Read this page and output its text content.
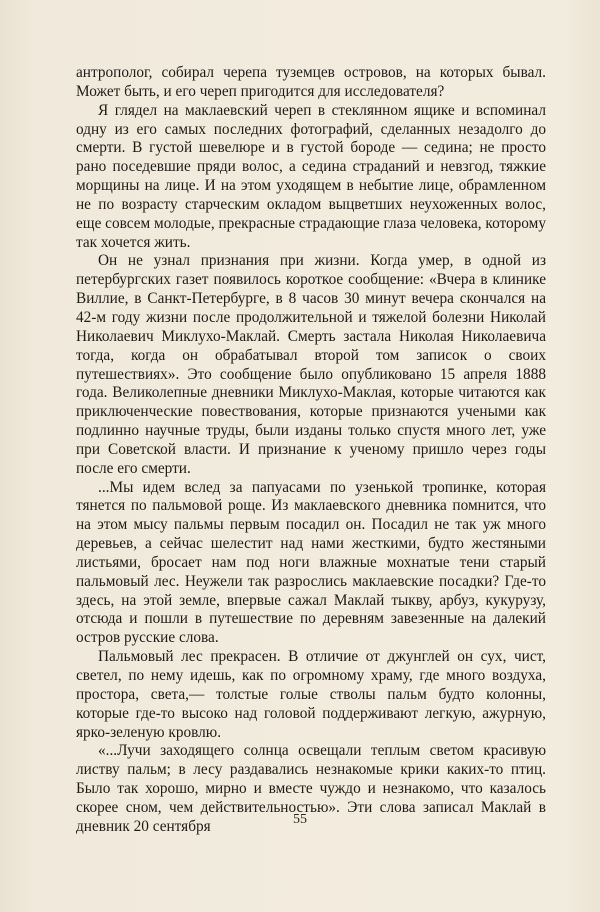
антрополог, собирал черепа туземцев островов, на которых бывал. Может быть, и его череп пригодится для исследователя?

Я глядел на маклаевский череп в стеклянном ящике и вспоминал одну из его самых последних фотографий, сделанных незадолго до смерти. В густой шевелюре и в густой бороде — седина; не просто рано поседевшие пряди волос, а седина страданий и невзгод, тяжкие морщины на лице. И на этом уходящем в небытие лице, обрамленном не по возрасту старческим окладом выцветших неухоженных волос, еще совсем молодые, прекрасные страдающие глаза человека, которому так хочется жить.

Он не узнал признания при жизни. Когда умер, в одной из петербургских газет появилось короткое сообщение: «Вчера в клинике Виллие, в Санкт-Петербурге, в 8 часов 30 минут вечера скончался на 42-м году жизни после продолжительной и тяжелой болезни Николай Николаевич Миклухо-Маклай. Смерть застала Николая Николаевича тогда, когда он обрабатывал второй том записок о своих путешествиях». Это сообщение было опубликовано 15 апреля 1888 года. Великолепные дневники Миклухо-Маклая, которые читаются как приключенческие повествования, которые признаются учеными как подлинно научные труды, были изданы только спустя много лет, уже при Советской власти. И признание к ученому пришло через годы после его смерти.

...Мы идем вслед за папуасами по узенькой тропинке, которая тянется по пальмовой роще. Из маклаевского дневника помнится, что на этом мысу пальмы первым посадил он. Посадил не так уж много деревьев, а сейчас шелестит над нами жесткими, будто жестяными листьями, бросает нам под ноги влажные мохнатые тени старый пальмовый лес. Неужели так разрослись маклаевские посадки? Где-то здесь, на этой земле, впервые сажал Маклай тыкву, арбуз, кукурузу, отсюда и пошли в путешествие по деревням завезенные на далекий остров русские слова.

Пальмовый лес прекрасен. В отличие от джунглей он сух, чист, светел, по нему идешь, как по огромному храму, где много воздуха, простора, света,— толстые голые стволы пальм будто колонны, которые где-то высоко над головой поддерживают легкую, ажурную, ярко-зеленую кровлю.

«...Лучи заходящего солнца освещали теплым светом красивую листву пальм; в лесу раздавались незнакомые крики каких-то птиц. Было так хорошо, мирно и вместе чуждо и незнакомо, что казалось скорее сном, чем действительностью». Эти слова записал Маклай в дневник 20 сентября	55
